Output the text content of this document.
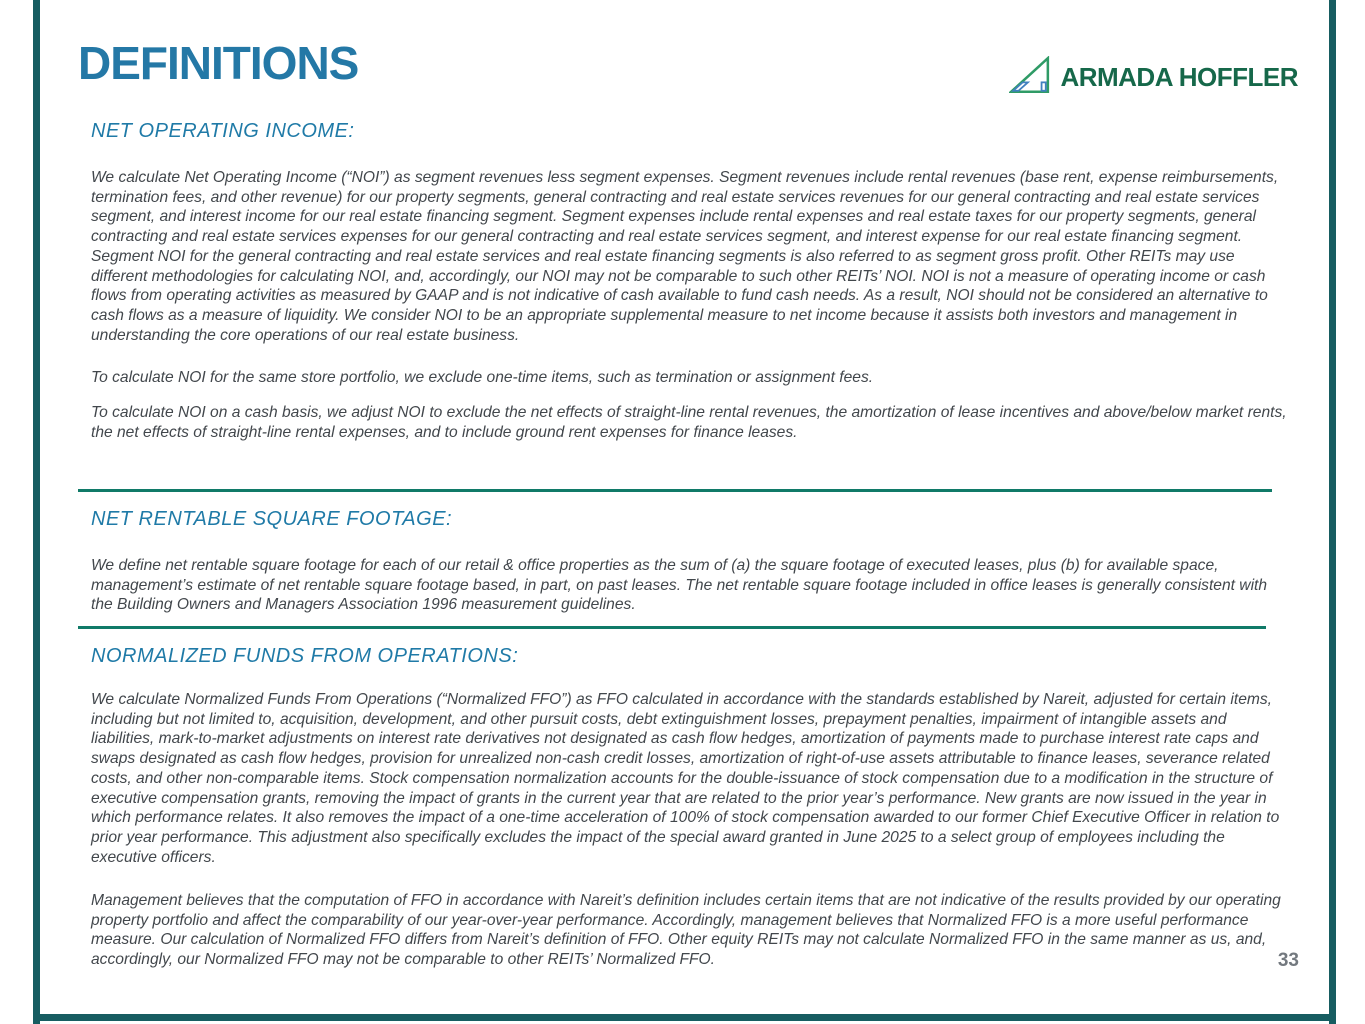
DEFINITIONS	ARMADA HOFFLER
NET OPERATING INCOME:
We calculate Net Operating Income (“NOI”) as segment revenues less segment expenses. Segment revenues include rental revenues (base rent, expense reimbursements, termination fees, and other revenue) for our property segments, general contracting and real estate services revenues for our general contracting and real estate services segment, and interest income for our real estate financing segment. Segment expenses include rental expenses and real estate taxes for our property segments, general contracting and real estate services expenses for our general contracting and real estate services segment, and interest expense for our real estate financing segment. Segment NOI for the general contracting and real estate services and real estate financing segments is also referred to as segment gross profit. Other REITs may use different methodologies for calculating NOI, and, accordingly, our NOI may not be comparable to such other REITs’ NOI. NOI is not a measure of operating income or cash flows from operating activities as measured by GAAP and is not indicative of cash available to fund cash needs. As a result, NOI should not be considered an alternative to cash flows as a measure of liquidity. We consider NOI to be an appropriate supplemental measure to net income because it assists both investors and management in understanding the core operations of our real estate business.
To calculate NOI for the same store portfolio, we exclude one-time items, such as termination or assignment fees.
To calculate NOI on a cash basis, we adjust NOI to exclude the net effects of straight-line rental revenues, the amortization of lease incentives and above/below market rents, the net effects of straight-line rental expenses, and to include ground rent expenses for finance leases.
NET RENTABLE SQUARE FOOTAGE:
We define net rentable square footage for each of our retail & office properties as the sum of (a) the square footage of executed leases, plus (b) for available space, management’s estimate of net rentable square footage based, in part, on past leases. The net rentable square footage included in office leases is generally consistent with the Building Owners and Managers Association 1996 measurement guidelines.
NORMALIZED FUNDS FROM OPERATIONS:
We calculate Normalized Funds From Operations (“Normalized FFO”) as FFO calculated in accordance with the standards established by Nareit, adjusted for certain items, including but not limited to, acquisition, development, and other pursuit costs, debt extinguishment losses, prepayment penalties, impairment of intangible assets and liabilities, mark-to-market adjustments on interest rate derivatives not designated as cash flow hedges, amortization of payments made to purchase interest rate caps and swaps designated as cash flow hedges, provision for unrealized non-cash credit losses, amortization of right-of-use assets attributable to finance leases, severance related costs, and other non-comparable items. Stock compensation normalization accounts for the double-issuance of stock compensation due to a modification in the structure of executive compensation grants, removing the impact of grants in the current year that are related to the prior year’s performance. New grants are now issued in the year in which performance relates. It also removes the impact of a one-time acceleration of 100% of stock compensation awarded to our former Chief Executive Officer in relation to prior year performance. This adjustment also specifically excludes the impact of the special award granted in June 2025 to a select group of employees including the executive officers.
Management believes that the computation of FFO in accordance with Nareit’s definition includes certain items that are not indicative of the results provided by our operating property portfolio and affect the comparability of our year-over-year performance. Accordingly, management believes that Normalized FFO is a more useful performance measure. Our calculation of Normalized FFO differs from Nareit’s definition of FFO. Other equity REITs may not calculate Normalized FFO in the same manner as us, and, accordingly, our Normalized FFO may not be comparable to other REITs’ Normalized FFO.	33
